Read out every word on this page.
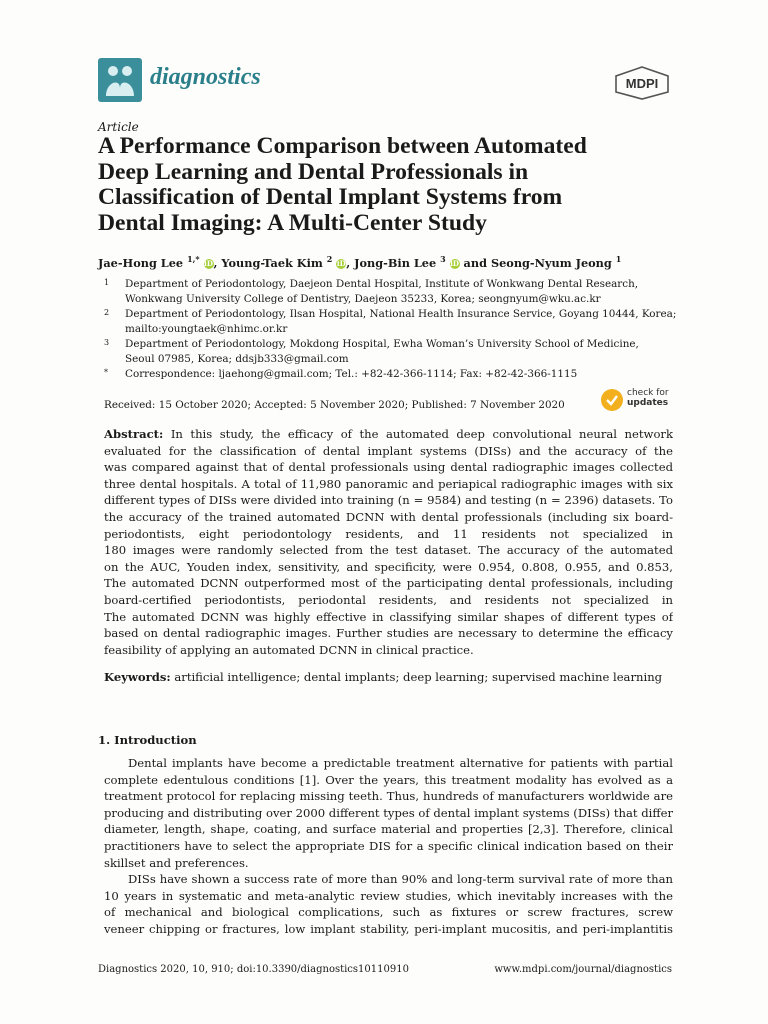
diagnostics	MDPI
Article
A Performance Comparison between Automated
Deep Learning and Dental Professionals in
Classification of Dental Implant Systems from
Dental Imaging: A Multi-Center Study
Jae-Hong Lee $^{1,*}$ iD, Young-Taek Kim $^2$ iD, Jong-Bin Lee $^3$ iD and Seong-Nyum Jeong $^1$
1 Department of Periodontology, Daejeon Dental Hospital, Institute of Wonkwang Dental Research,
Wonkwang University College of Dentistry, Daejeon 35233, Korea; seongnyum@wku.ac.kr
2 Department of Periodontology, Ilsan Hospital, National Health Insurance Service, Goyang 10444, Korea;
mailto:youngtaek@nhimc.or.kr
3 Department of Periodontology, Mokdong Hospital, Ewha Woman’s University School of Medicine,
Seoul 07985, Korea; ddsjb333@gmail.com
* Correspondence: ljaehong@gmail.com; Tel.: +82-42-366-1114; Fax: +82-42-366-1115
Received: 15 October 2020; Accepted: 5 November 2020; Published: 7 November 2020
check for
updates
Abstract: In this study, the efficacy of the automated deep convolutional neural network
evaluated for the classification of dental implant systems (DISs) and the accuracy of the
was compared against that of dental professionals using dental radiographic images collected
three dental hospitals. A total of 11,980 panoramic and periapical radiographic images with six
different types of DISs were divided into training (n = 9584) and testing (n = 2396) datasets. To
the accuracy of the trained automated DCNN with dental professionals (including six board-
periodontists, eight periodontology residents, and 11 residents not specialized in
180 images were randomly selected from the test dataset. The accuracy of the automated
on the AUC, Youden index, sensitivity, and specificity, were 0.954, 0.808, 0.955, and 0.853,
The automated DCNN outperformed most of the participating dental professionals, including
board-certified periodontists, periodontal residents, and residents not specialized in
The automated DCNN was highly effective in classifying similar shapes of different types of
based on dental radiographic images. Further studies are necessary to determine the efficacy
feasibility of applying an automated DCNN in clinical practice.
Keywords: artificial intelligence; dental implants; deep learning; supervised machine learning
1. Introduction
Dental implants have become a predictable treatment alternative for patients with partial
complete edentulous conditions [1]. Over the years, this treatment modality has evolved as a
treatment protocol for replacing missing teeth. Thus, hundreds of manufacturers worldwide are
producing and distributing over 2000 different types of dental implant systems (DISs) that differ
diameter, length, shape, coating, and surface material and properties [2,3]. Therefore, clinical
practitioners have to select the appropriate DIS for a specific clinical indication based on their
skillset and preferences.
DISs have shown a success rate of more than 90% and long-term survival rate of more than
10 years in systematic and meta-analytic review studies, which inevitably increases with the
of mechanical and biological complications, such as fixtures or screw fractures, screw
veneer chipping or fractures, low implant stability, peri-implant mucositis, and peri-implantitis
Diagnostics 2020, 10, 910; doi:10.3390/diagnostics10110910	www.mdpi.com/journal/diagnostics
